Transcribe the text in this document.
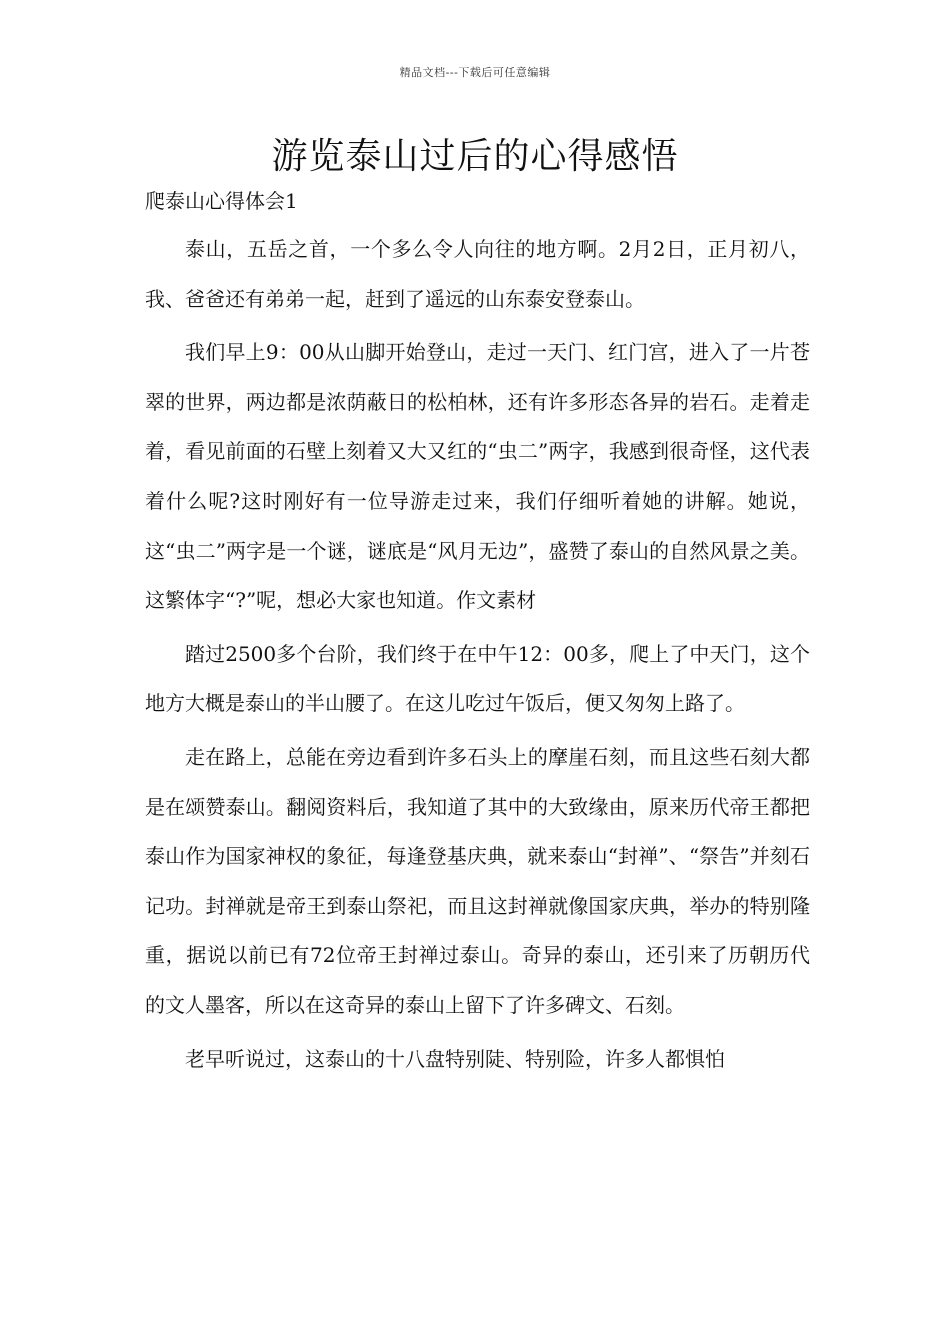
精品文档---下载后可任意编辑
游览泰山过后的心得感悟

爬泰山心得体会1

泰山，五岳之首，一个多么令人向往的地方啊。2月2日，正月初八，我、爸爸还有弟弟一起，赶到了遥远的山东泰安登泰山。

我们早上9：00从山脚开始登山，走过一天门、红门宫，进入了一片苍翠的世界，两边都是浓荫蔽日的松柏林，还有许多形态各异的岩石。走着走着，看见前面的石壁上刻着又大又红的“虫二”两字，我感到很奇怪，这代表着什么呢?这时刚好有一位导游走过来，我们仔细听着她的讲解。她说，这“虫二”两字是一个谜，谜底是“风月无边”，盛赞了泰山的自然风景之美。这繁体字“?”呢，想必大家也知道。作文素材

踏过2500多个台阶，我们终于在中午12：00多，爬上了中天门，这个地方大概是泰山的半山腰了。在这儿吃过午饭后，便又匆匆上路了。

走在路上，总能在旁边看到许多石头上的摩崖石刻，而且这些石刻大都是在颂赞泰山。翻阅资料后，我知道了其中的大致缘由，原来历代帝王都把泰山作为国家神权的象征，每逢登基庆典，就来泰山“封禅”、“祭告”并刻石记功。封禅就是帝王到泰山祭祀，而且这封禅就像国家庆典，举办的特别隆重，据说以前已有72位帝王封禅过泰山。奇异的泰山，还引来了历朝历代的文人墨客，所以在这奇异的泰山上留下了许多碑文、石刻。

老早听说过，这泰山的十八盘特别陡、特别险，许多人都惧怕
